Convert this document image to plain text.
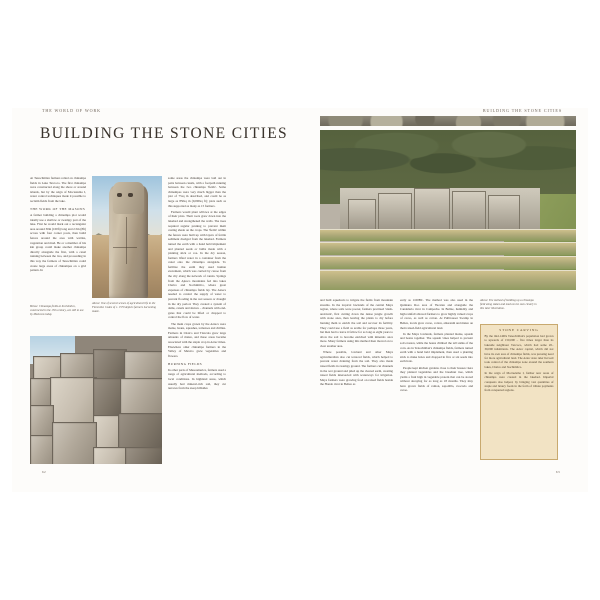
THE WORLD OF WORK	BUILDING THE STONE CITIES
BUILDING THE STONE CITIES

At Tenochtitlan farmers relied on chinampa fields in Lake Texcoco. The first chinampa were constructed along the shore or around islands, but by the reign of Moctezuma I, water control techniques made it possible to reclaim fields from the lake.

THE WORK OF THE MASONS

A farmer building a chinampa plot would ideally use a shallow or swampy part of the lake. First he would mark out a rectangular area around 30m (100ft) long and 2.5m (8ft) across with four corner posts, then build fences around the area with wattles, vegetation and mud. He or a member of his kin group could make another chinampa directly alongside the first, with a canal running between the two, and proceeding in this way the farmers of Tenochtitlan could create large areas of chinampas on a grid pattern. In

Below: Chinampa fields at Xochimilco, constructed in the 15th century, are still in use by Mexicans today.
Above: One of several scenes of agricultural life in the Florentine Codex of c. 1570 depicts farmers harvesting maize.

some areas the chinampa were laid out in pairs between canals, with a footpath running between the two chinampa 'fields'. Some chinampas were very much bigger than the plot of 75sq m described, and could be as large as 850sq m (9,000sq ft); plots such as this supported as many as 15 farmers.

Farmers would plant willows at the edges of their plots. Their roots grew down into the lakebed and strengthened the walls. The trees required regular pruning to prevent them casting shade on the crops. The 'fields' within the fences were built up with layers of fertile sediment dredged from the lakebed. Farmers turned the earth with a hand held implement and planted seeds or bulbs made with a planting stick or coa. In the dry season, farmers lifted water in a container from the canal onto the chinampa alongside. To fertilize the earth they used human excrement, which was carried by canoe from the city along the network of canals. Springs from the Ajusco mountains fed into lakes Chalco and Xochimilco, where great expanses of chinampa fields lay. The Aztecs needed to control the supply of water to prevent flooding in the wet season or drought in the dry period. They created a system of dams, canals and sluices – channels with end-gates that could be lifted or dropped to control the flow of water.

The main crops grown by the Aztecs were maize, beans, squashes, tomatoes and chillies. Farmers in Chalco and Tlaxcala grew large amounts of maize, and these areas became associated with the staple crop in Aztec times. Elsewhere other chinampa farmers in the Valley of Mexico grew vegetables and flowers.

BURNING FIELDS

In other parts of Mesoamerica, farmers used a range of agricultural methods, according to local conditions. In highland areas, which usually had mineral-rich soil, they cut terraces from the steep hillsides

62

and built aqueducts to irrigate the fields from mountain streams. In the tropical lowlands of the central Maya region, where soils were poorer, farmers practised 'slash-and-burn', first cutting down the dense jungle growth with stone axes, then leaving the plants to dry before burning them to enrich the soil and recover its fertility. They could use a field as arable for perhaps three years, but then had to leave it fallow for as long as eight years to allow the soil to become enriched with minerals once more. Many farmers using this method then moved on to clear another area.

Where possible, lowland and other Maya agriculturalists also cut terraced fields, which helped to prevent water draining from the soil. They also made raised fields in swampy ground. The farmers cut channels in the wet ground and piled up the cleared earth, creating raised fields intersected with waterways for irrigation. Maya farmers were growing food on raised fields beside the Hondo river in Belize as

early as 1100BC. The method was also used in the Quintana Roo area of Yucatan and alongside the Candelaria river in Campeche. In Belize, humidity and high rainfall allowed farmers to grow highly valued crops of cacao, as well as cotton. At Pulltrouser Swamp in Belize, locals grew cacao, cotton, amaranth and maize on their raised-field agricultural land.

In the Maya lowlands, farmers planted maize, squash and beans together. The squash vines helped to prevent soil erosion, while the beans climbed the tall stalks of the corn. As in Tenochtitlan's chinampa fields, farmers turned earth with a hand held implement, then used a planting stick to make holes and dropped in five or six seeds into each hole.

People kept kitchen gardens close to their houses: here they planted vegetables and the breadnut tree, which yields a fruit high in vegetable protein that can be stored without decaying for as long as 18 months. They may have grown fields of ramon, sapodilla, avocado and cacao.

Above: The method of building up a chinampa field using stakes and mud can be seen clearly in this later illustration.
STONE CARVING

By the mid-1400s Tenochtitlan's population had grown to upwards of 150,000 – five times larger than its lakeside neighbour Texcoco, which had some 20–30,000 inhabitants. The Aztec capital, which did not have its own area of chinampa fields, was pressing need for more agricultural land. The Aztec state ruler Itzcoatl took control of the chinampa zone around the southern lakes, Chalco and Xochimilco.

In the reign of Moctezuma I, further new areas of chinampa were created in the lakebed. Imperial conquests also helped, by bringing vast quantities of staple and luxury foods in the form of tribute payments from conquered regions.

63
